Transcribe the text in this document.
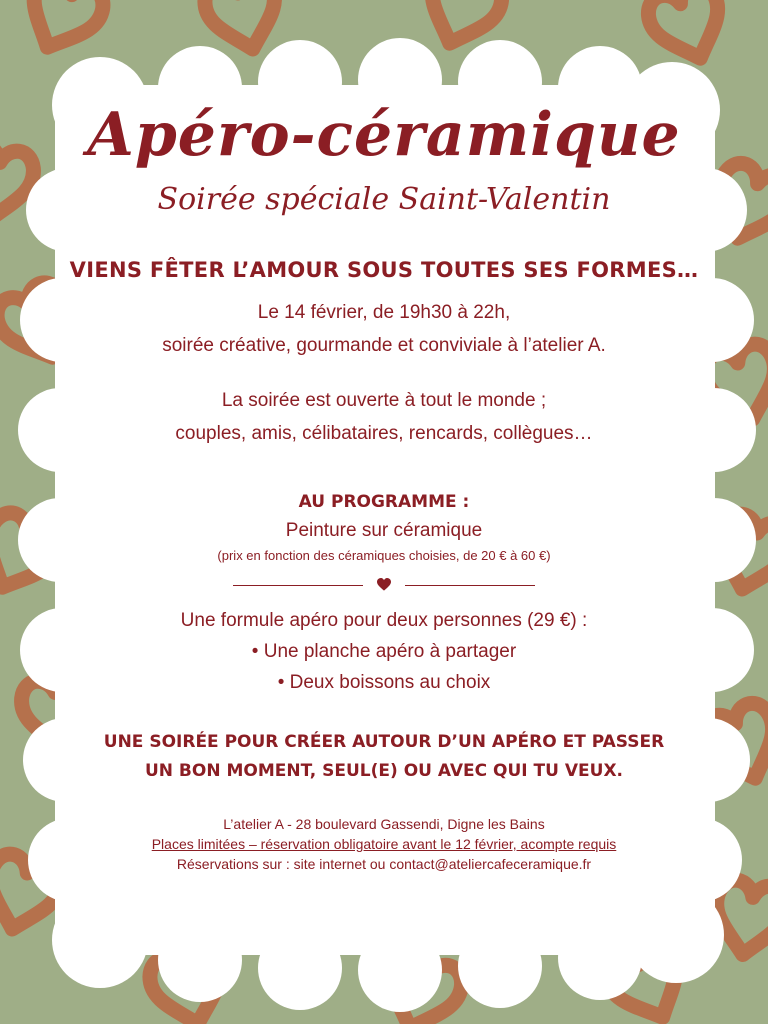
Apéro-céramique
Soirée spéciale Saint-Valentin
VIENS FÊTER L’AMOUR SOUS TOUTES SES FORMES…
Le 14 février, de 19h30 à 22h,
soirée créative, gourmande et conviviale à l’atelier A.
La soirée est ouverte à tout le monde ;
couples, amis, célibataires, rencards, collègues…
AU PROGRAMME :
Peinture sur céramique
(prix en fonction des céramiques choisies, de 20 € à 60 €)
Une formule apéro pour deux personnes (29 €) :
• Une planche apéro à partager
• Deux boissons au choix
UNE SOIRÉE POUR CRÉER AUTOUR D’UN APÉRO ET PASSER
UN BON MOMENT, SEUL(E) OU AVEC QUI TU VEUX.
L’atelier A - 28 boulevard Gassendi, Digne les Bains
Places limitées – réservation obligatoire avant le 12 février, acompte requis
Réservations sur : site internet ou contact@ateliercafeceramique.fr
